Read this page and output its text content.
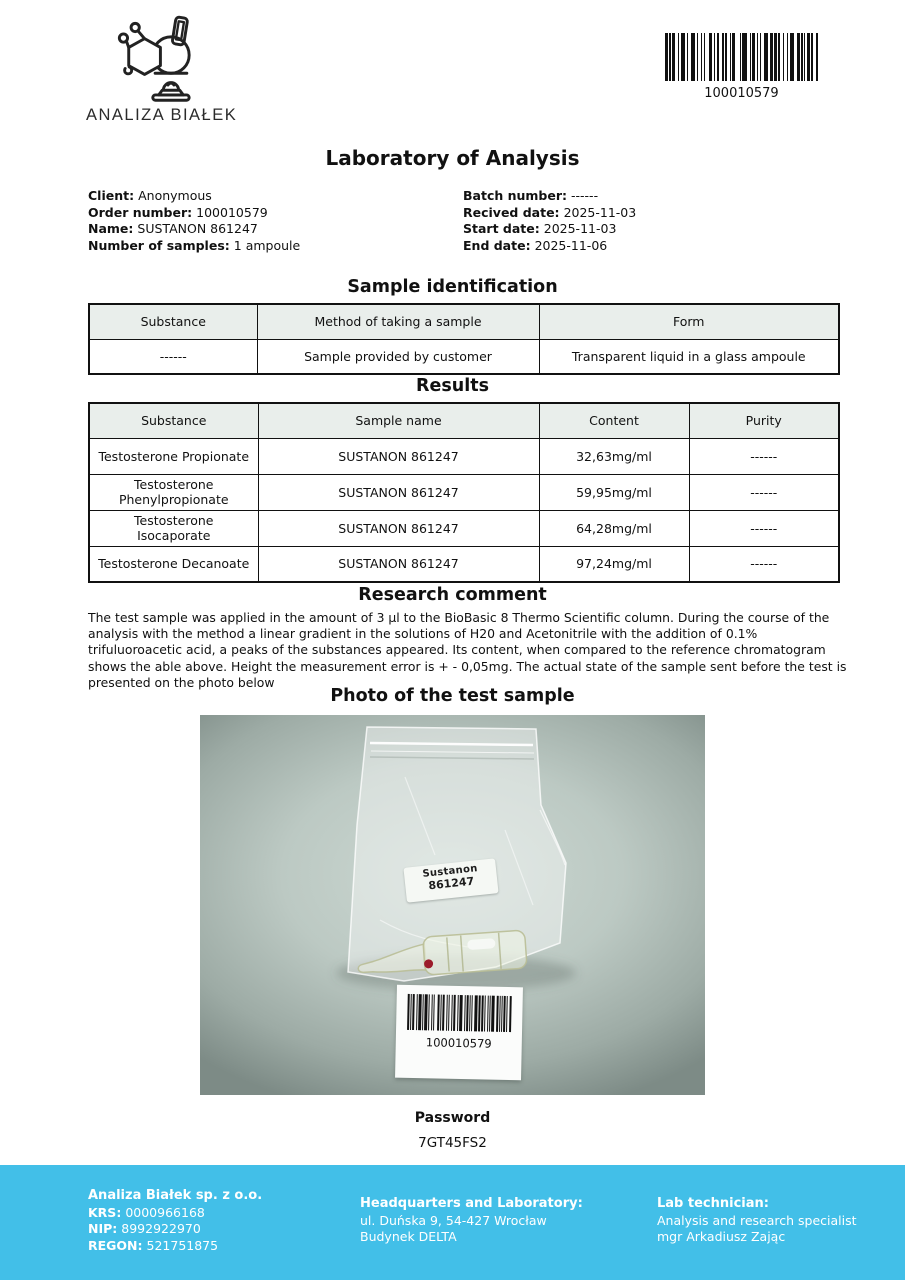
ANALIZA BIAŁEK
100010579
Laboratory of Analysis
Client: Anonymous
Order number: 100010579
Name: SUSTANON 861247
Number of samples: 1 ampoule
Batch number: ------
Recived date: 2025-11-03
Start date: 2025-11-03
End date: 2025-11-06
Sample identification
Substance	Method of taking a sample	Form
------	Sample provided by customer	Transparent liquid in a glass ampoule
Results
Substance	Sample name	Content	Purity
Testosterone Propionate	SUSTANON 861247	32,63mg/ml	------
Testosterone Phenylpropionate	SUSTANON 861247	59,95mg/ml	------
Testosterone Isocaporate	SUSTANON 861247	64,28mg/ml	------
Testosterone Decanoate	SUSTANON 861247	97,24mg/ml	------
Research comment
The test sample was applied in the amount of 3 μl to the BioBasic 8 Thermo Scientific column. During the course of the analysis with the method a linear gradient in the solutions of H20 and Acetonitrile with the addition of 0.1% trifuluoroacetic acid, a peaks of the substances appeared. Its content, when compared to the reference chromatogram shows the able above. Height the measurement error is + - 0,05mg. The actual state of the sample sent before the test is presented on the photo below
Photo of the test sample
Sustanon
861247
100010579
Password
7GT45FS2
Analiza Białek sp. z o.o.
KRS: 0000966168
NIP: 8992922970
REGON: 521751875
Headquarters and Laboratory:
ul. Duńska 9, 54-427 Wrocław
Budynek DELTA
Lab technician:
Analysis and research specialist
mgr Arkadiusz Zając
